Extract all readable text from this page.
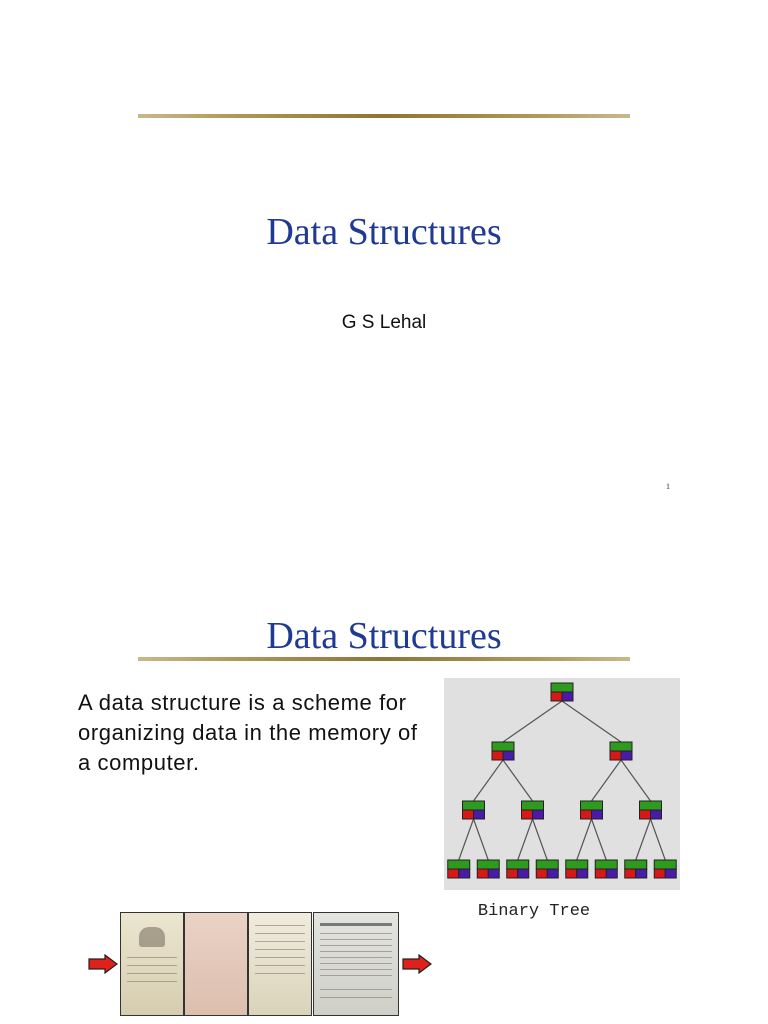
Data Structures
G S Lehal
1
Data Structures
A data structure is a scheme for organizing data in the memory of a computer.
Binary Tree
